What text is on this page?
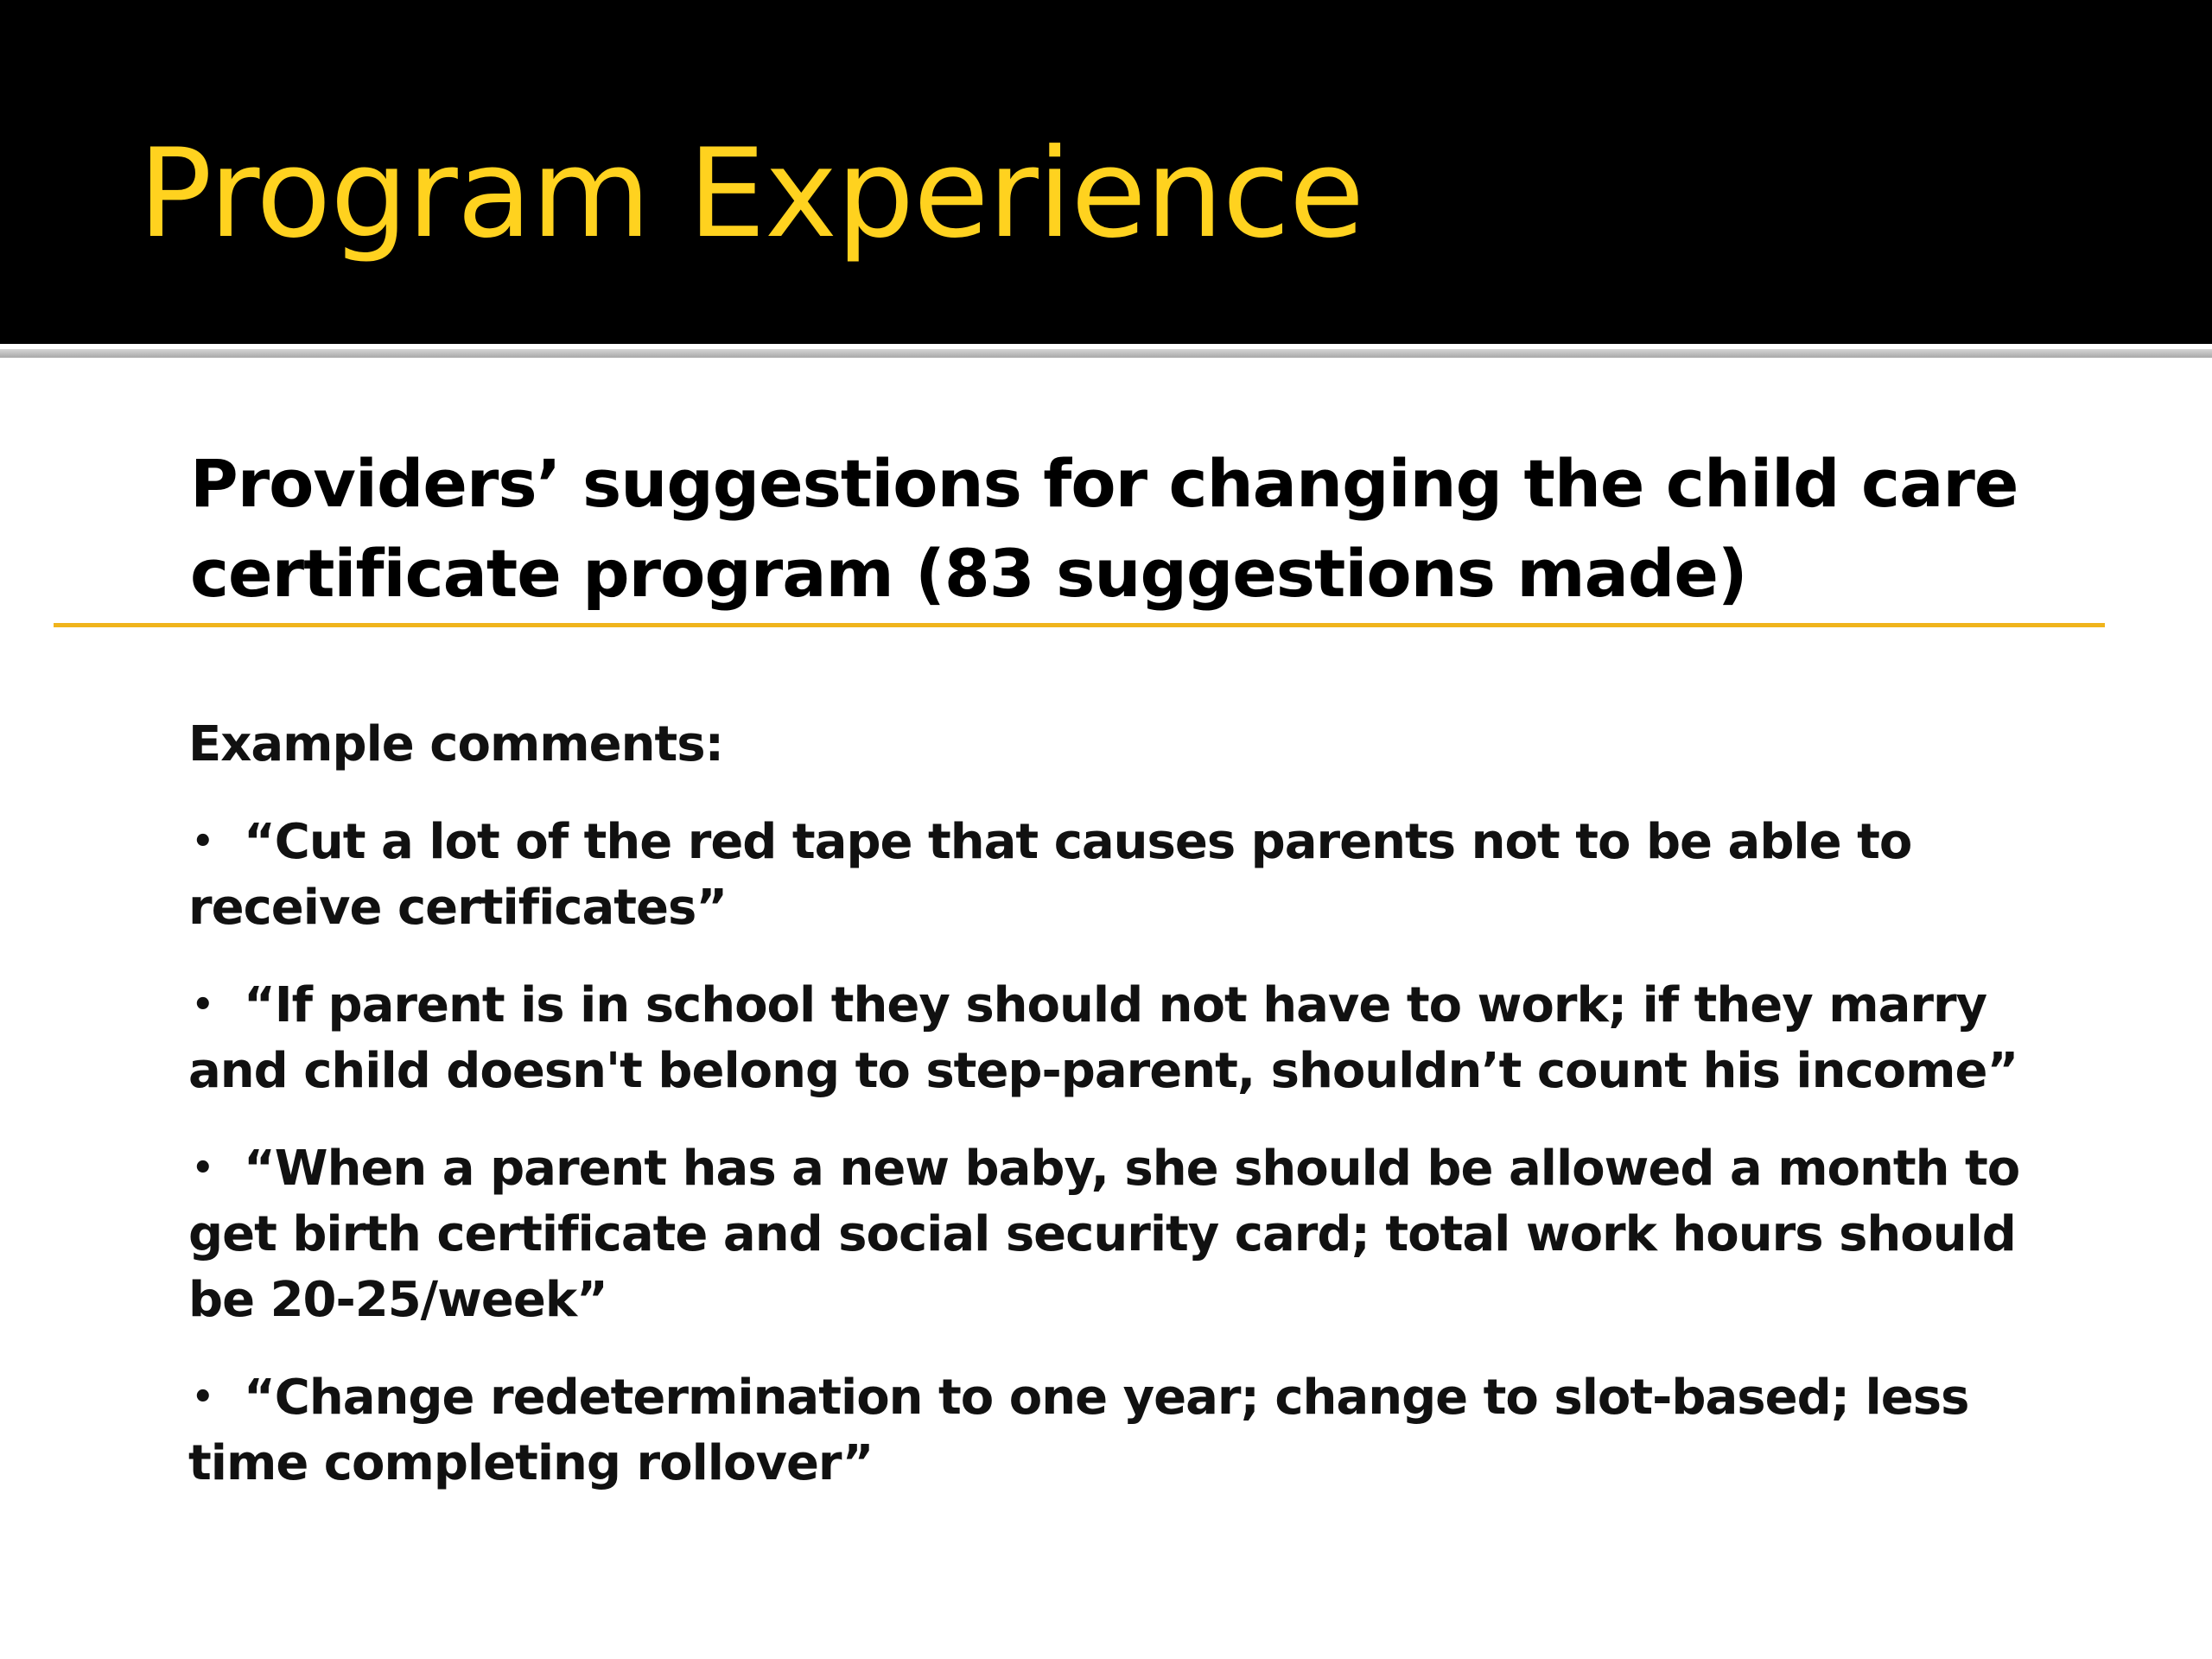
Program Experience
Providers’ suggestions for changing the child care certificate program (83 suggestions made)

Example comments:

• “Cut a lot of the red tape that causes parents not to be able to receive certificates”
• “If parent is in school they should not have to work; if they marry and child doesn't belong to step-parent, shouldn’t count his income”
• “When a parent has a new baby, she should be allowed a month to get birth certificate and social security card; total work hours should be 20-25/week”
• “Change redetermination to one year; change to slot-based; less time completing rollover”
